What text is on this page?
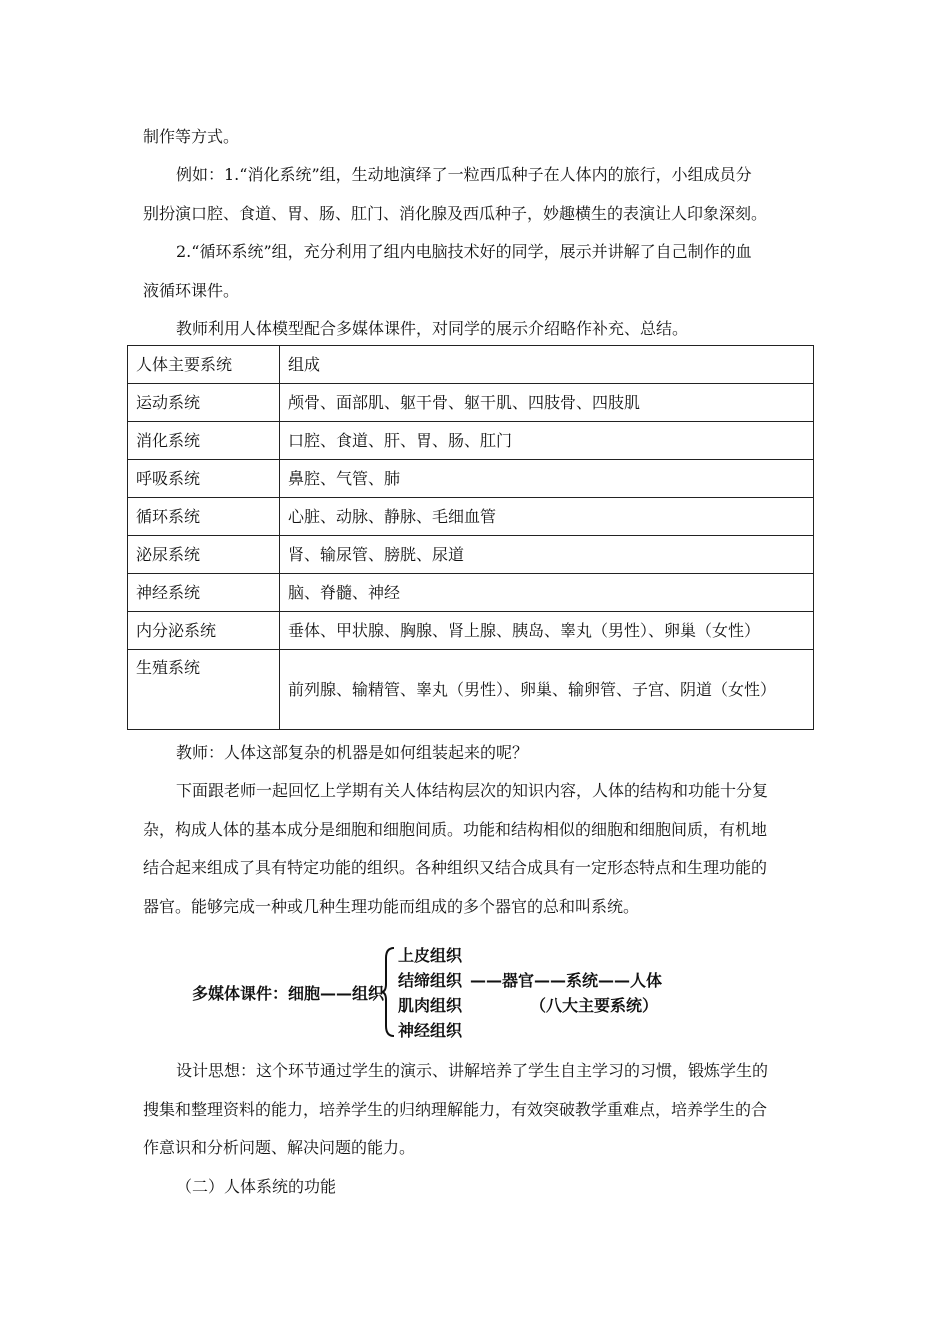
制作等方式。
例如：1.“消化系统”组，生动地演绎了一粒西瓜种子在人体内的旅行，小组成员分
别扮演口腔、食道、胃、肠、肛门、消化腺及西瓜种子，妙趣横生的表演让人印象深刻。
2.“循环系统”组，充分利用了组内电脑技术好的同学，展示并讲解了自己制作的血
液循环课件。
教师利用人体模型配合多媒体课件，对同学的展示介绍略作补充、总结。
人体主要系统	组成
运动系统	颅骨、面部肌、躯干骨、躯干肌、四肢骨、四肢肌
消化系统	口腔、食道、肝、胃、肠、肛门
呼吸系统	鼻腔、气管、肺
循环系统	心脏、动脉、静脉、毛细血管
泌尿系统	肾、输尿管、膀胱、尿道
神经系统	脑、脊髓、神经
内分泌系统	垂体、甲状腺、胸腺、肾上腺、胰岛、睾丸（男性）、卵巢（女性）
生殖系统	前列腺、输精管、睾丸（男性）、卵巢、输卵管、子宫、阴道（女性）
教师：人体这部复杂的机器是如何组装起来的呢？
下面跟老师一起回忆上学期有关人体结构层次的知识内容，人体的结构和功能十分复
杂，构成人体的基本成分是细胞和细胞间质。功能和结构相似的细胞和细胞间质，有机地
结合起来组成了具有特定功能的组织。各种组织又结合成具有一定形态特点和生理功能的
器官。能够完成一种或几种生理功能而组成的多个器官的总和叫系统。
多媒体课件：细胞——组织
上皮组织
结缔组织
肌肉组织
神经组织
——器官——系统——人体
（八大主要系统）
设计思想：这个环节通过学生的演示、讲解培养了学生自主学习的习惯，锻炼学生的
搜集和整理资料的能力，培养学生的归纳理解能力，有效突破教学重难点，培养学生的合
作意识和分析问题、解决问题的能力。
（二）人体系统的功能
